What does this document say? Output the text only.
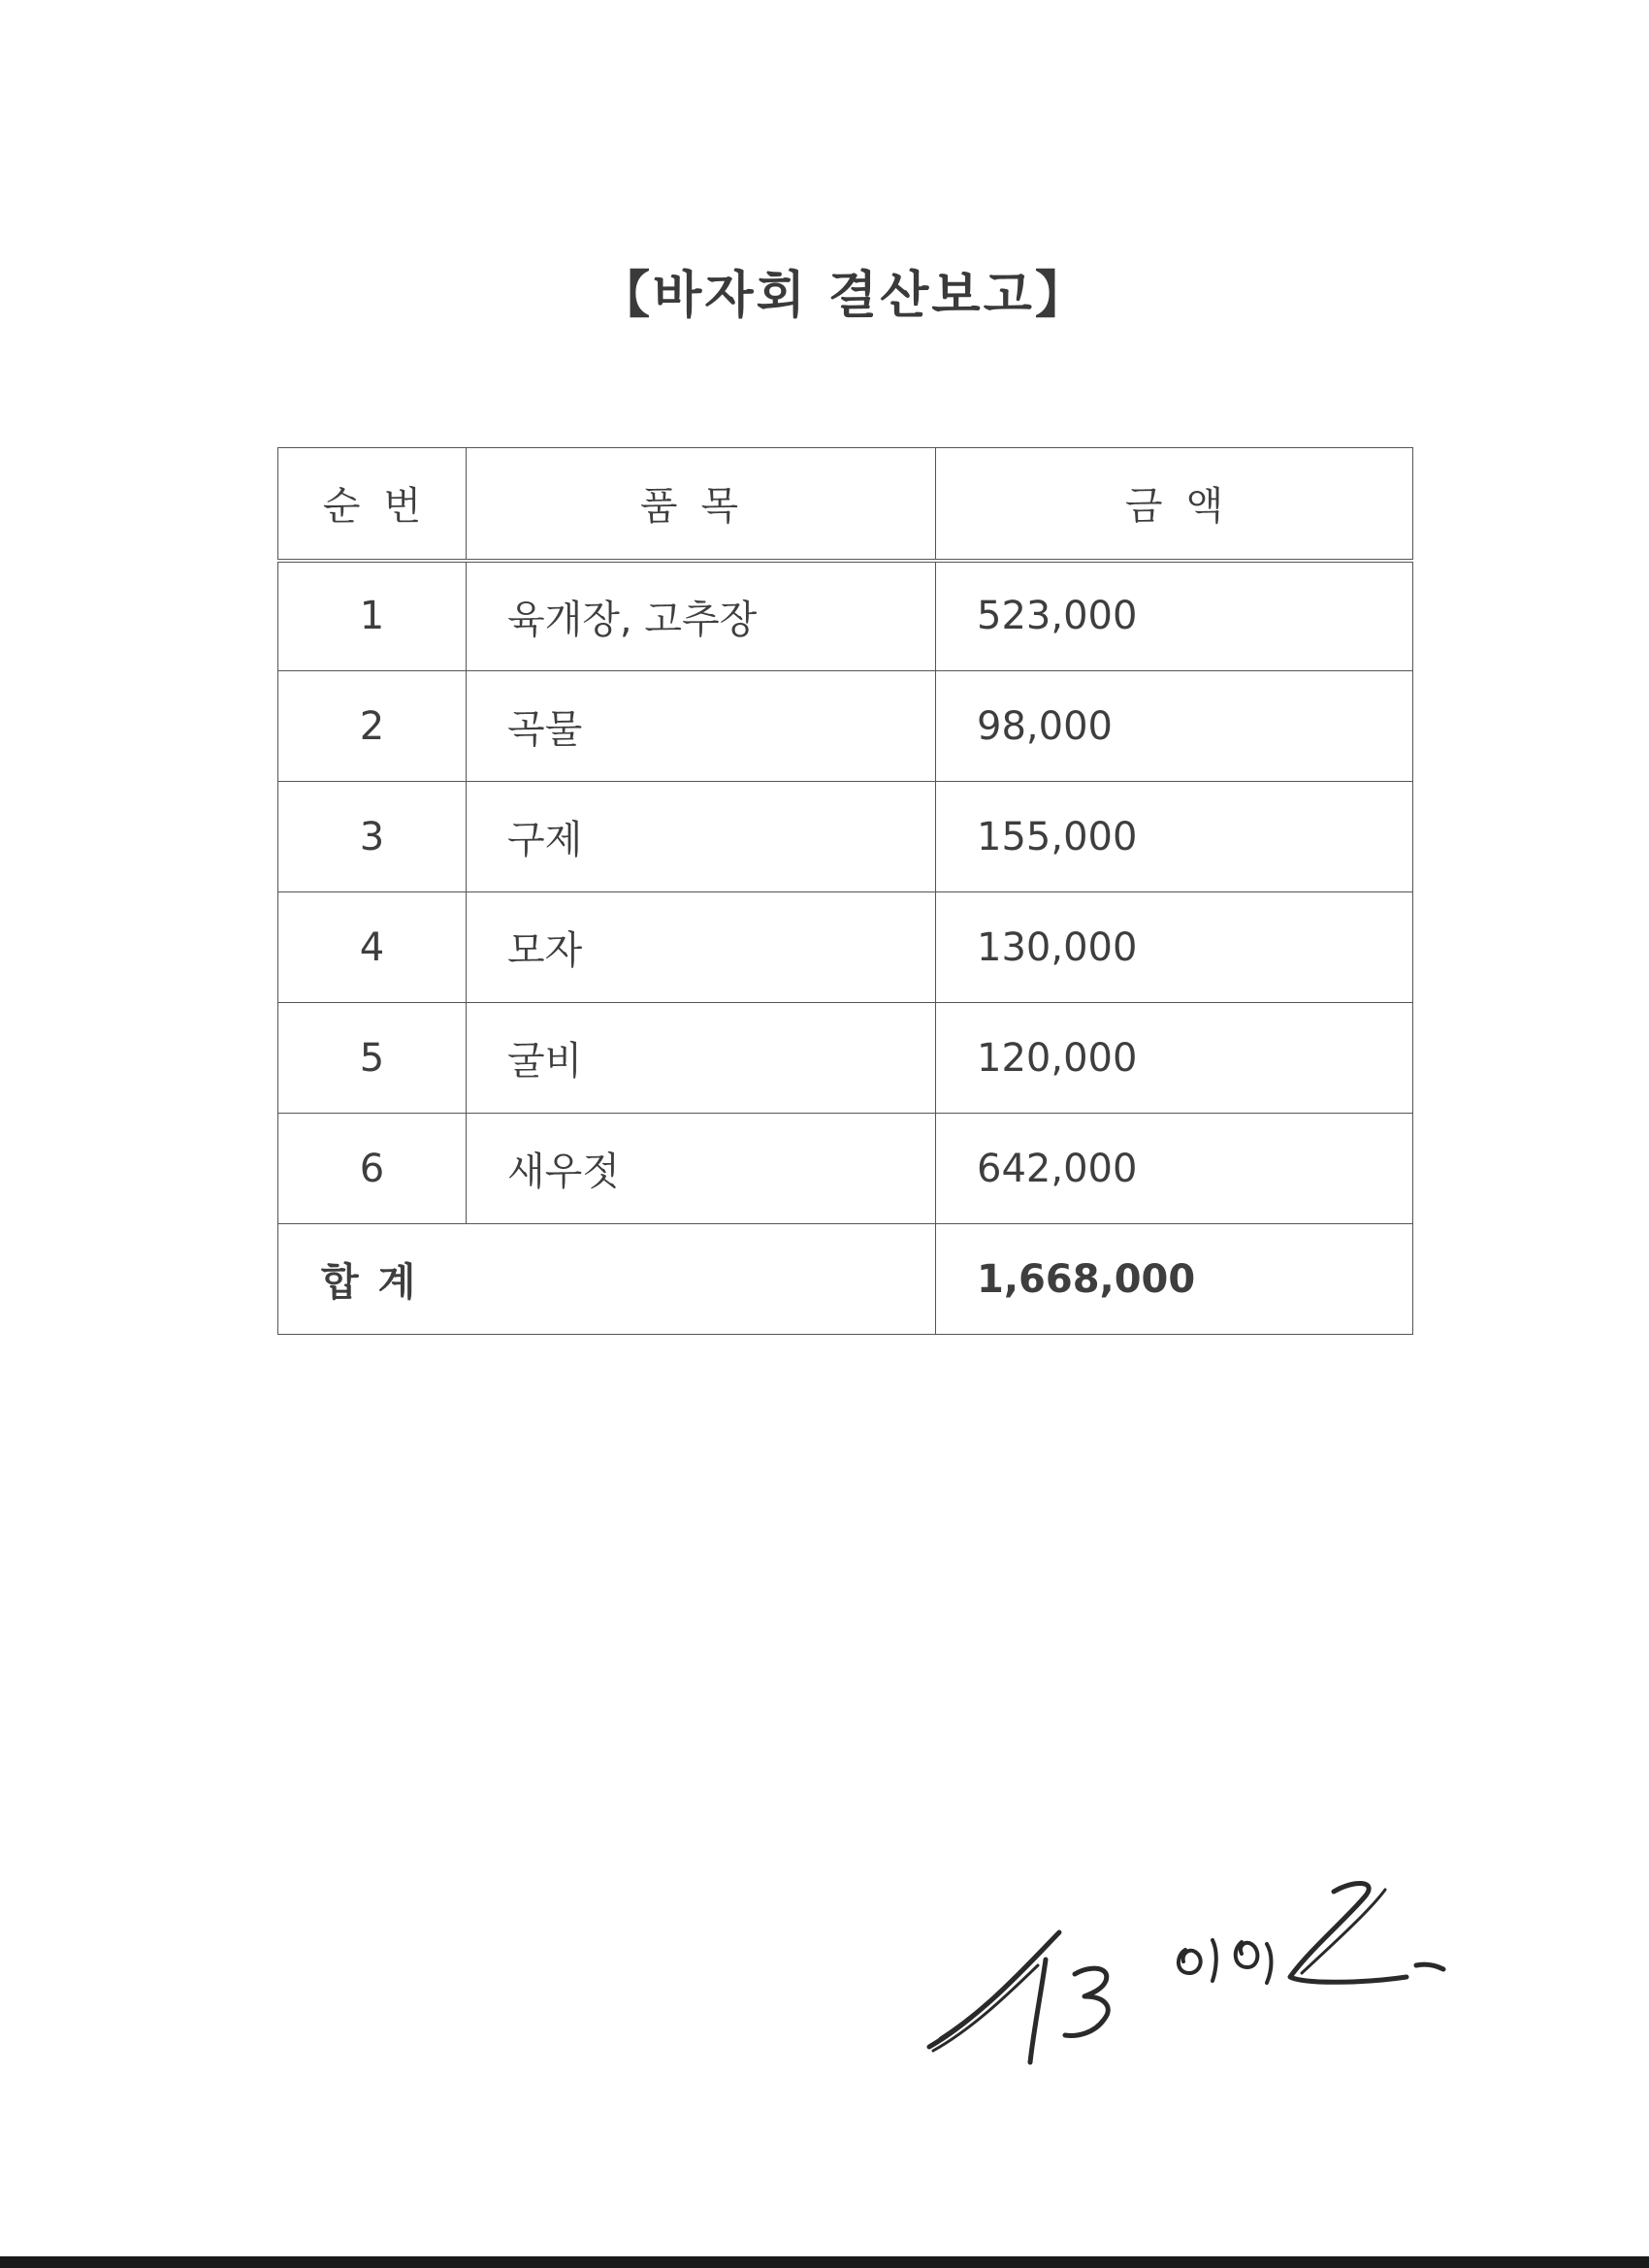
【바자회 결산보고】
순번	품목	금액
1	육개장, 고추장	523,000
2	곡물	98,000
3	구제	155,000
4	모자	130,000
5	굴비	120,000
6	새우젓	642,000
합계		1,668,000
